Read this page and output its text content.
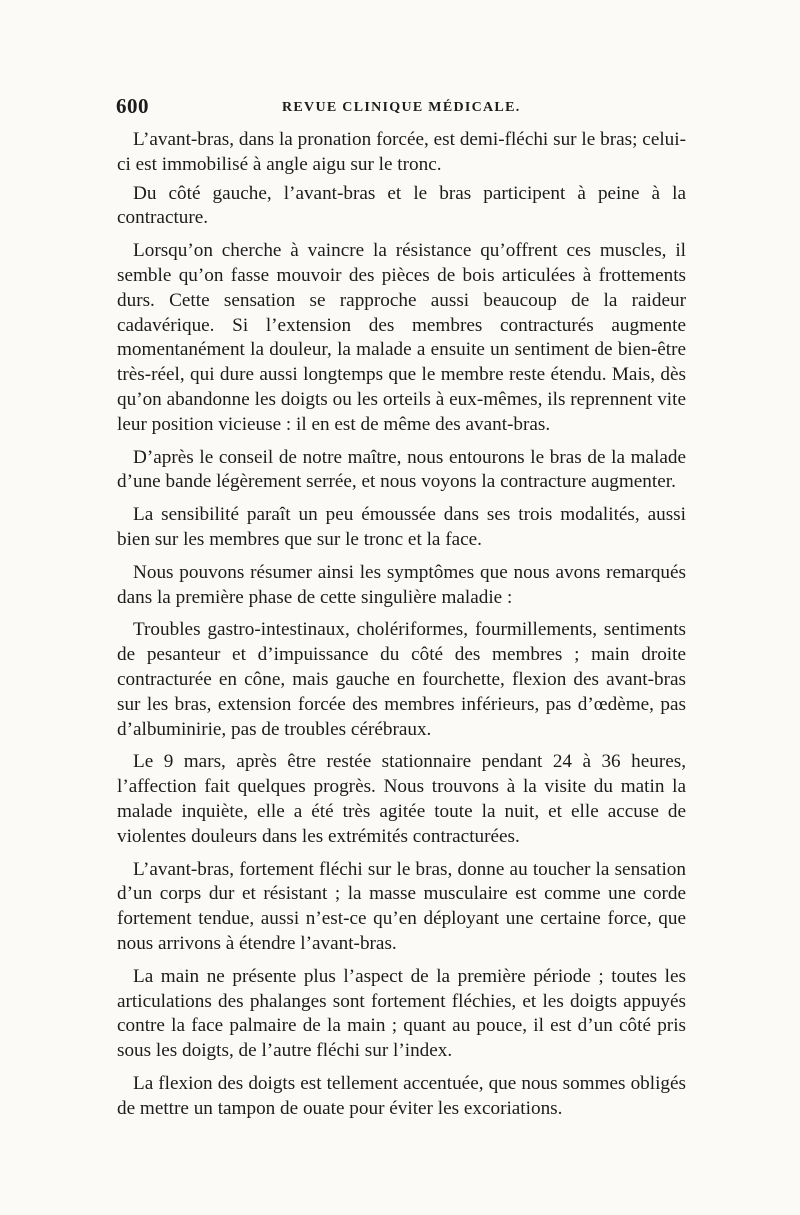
600	REVUE CLINIQUE MÉDICALE.

L’avant-bras, dans la pronation forcée, est demi-fléchi sur le bras; celui-ci est immobilisé à angle aigu sur le tronc.

Du côté gauche, l’avant-bras et le bras participent à peine à la contracture.

Lorsqu’on cherche à vaincre la résistance qu’offrent ces muscles, il semble qu’on fasse mouvoir des pièces de bois articulées à frottements durs. Cette sensation se rapproche aussi beaucoup de la raideur cadavérique. Si l’extension des membres contracturés augmente momentanément la douleur, la malade a ensuite un sentiment de bien-être très-réel, qui dure aussi longtemps que le membre reste étendu. Mais, dès qu’on abandonne les doigts ou les orteils à eux-mêmes, ils reprennent vite leur position vicieuse : il en est de même des avant-bras.

D’après le conseil de notre maître, nous entourons le bras de la malade d’une bande légèrement serrée, et nous voyons la contracture augmenter.

La sensibilité paraît un peu émoussée dans ses trois modalités, aussi bien sur les membres que sur le tronc et la face.

Nous pouvons résumer ainsi les symptômes que nous avons remarqués dans la première phase de cette singulière maladie :

Troubles gastro-intestinaux, cholériformes, fourmillements, sentiments de pesanteur et d’impuissance du côté des membres ; main droite contracturée en cône, mais gauche en fourchette, flexion des avant-bras sur les bras, extension forcée des membres inférieurs, pas d’œdème, pas d’albuminirie, pas de troubles cérébraux.

Le 9 mars, après être restée stationnaire pendant 24 à 36 heures, l’affection fait quelques progrès. Nous trouvons à la visite du matin la malade inquiète, elle a été très agitée toute la nuit, et elle accuse de violentes douleurs dans les extrémités contracturées.

L’avant-bras, fortement fléchi sur le bras, donne au toucher la sensation d’un corps dur et résistant ; la masse musculaire est comme une corde fortement tendue, aussi n’est-ce qu’en déployant une certaine force, que nous arrivons à étendre l’avant-bras.

La main ne présente plus l’aspect de la première période ; toutes les articulations des phalanges sont fortement fléchies, et les doigts appuyés contre la face palmaire de la main ; quant au pouce, il est d’un côté pris sous les doigts, de l’autre fléchi sur l’index.

La flexion des doigts est tellement accentuée, que nous sommes obligés de mettre un tampon de ouate pour éviter les excoriations.
